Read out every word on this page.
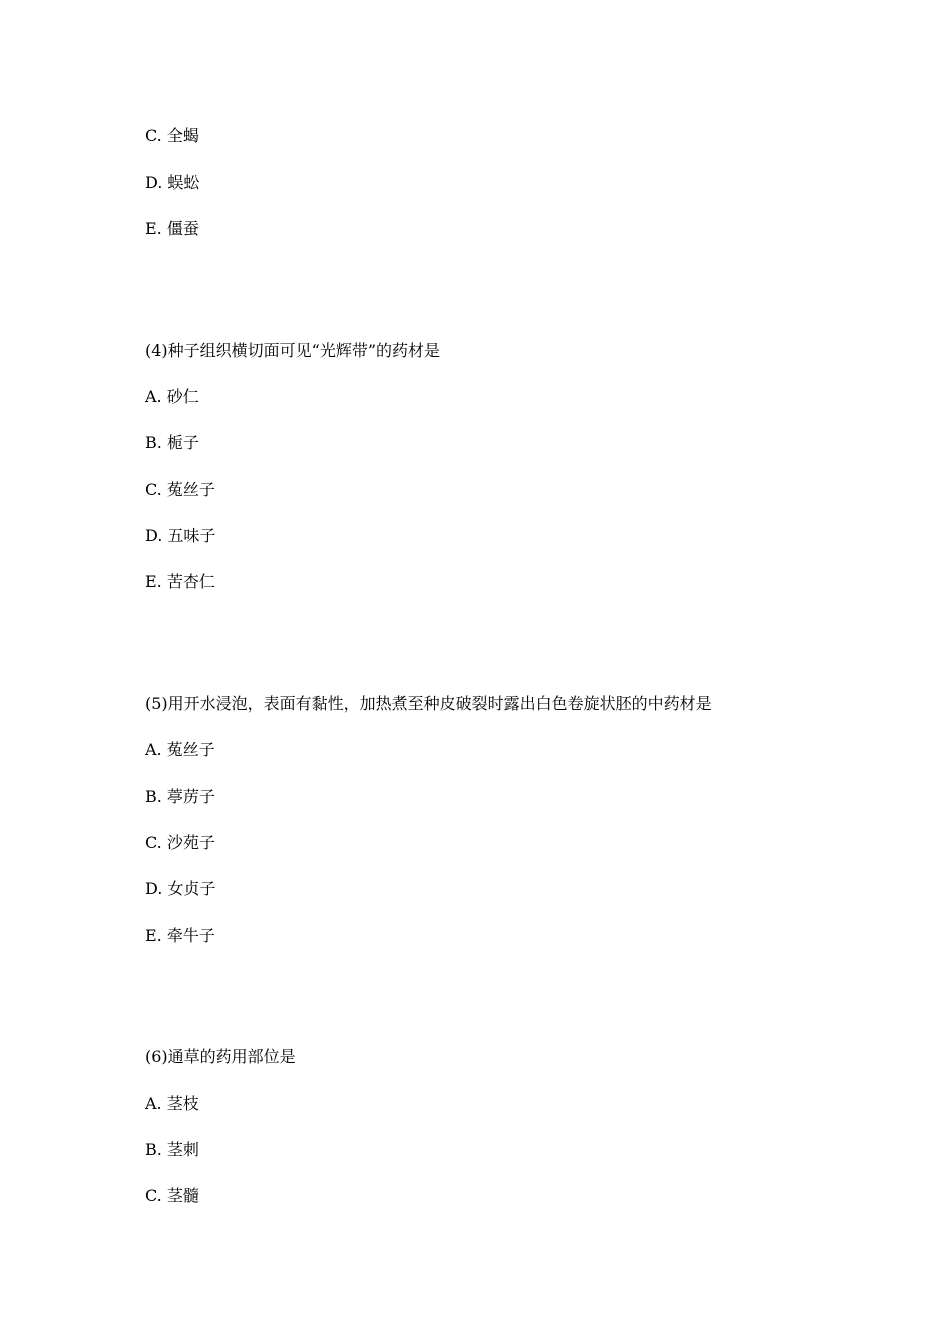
C. 全蝎
D. 蜈蚣
E. 僵蚕
(4)种子组织横切面可见“光辉带”的药材是
A. 砂仁
B. 栀子
C. 菟丝子
D. 五味子
E. 苦杏仁
(5)用开水浸泡，表面有黏性，加热煮至种皮破裂时露出白色卷旋状胚的中药材是
A. 菟丝子
B. 葶苈子
C. 沙苑子
D. 女贞子
E. 牵牛子
(6)通草的药用部位是
A. 茎枝
B. 茎刺
C. 茎髓
